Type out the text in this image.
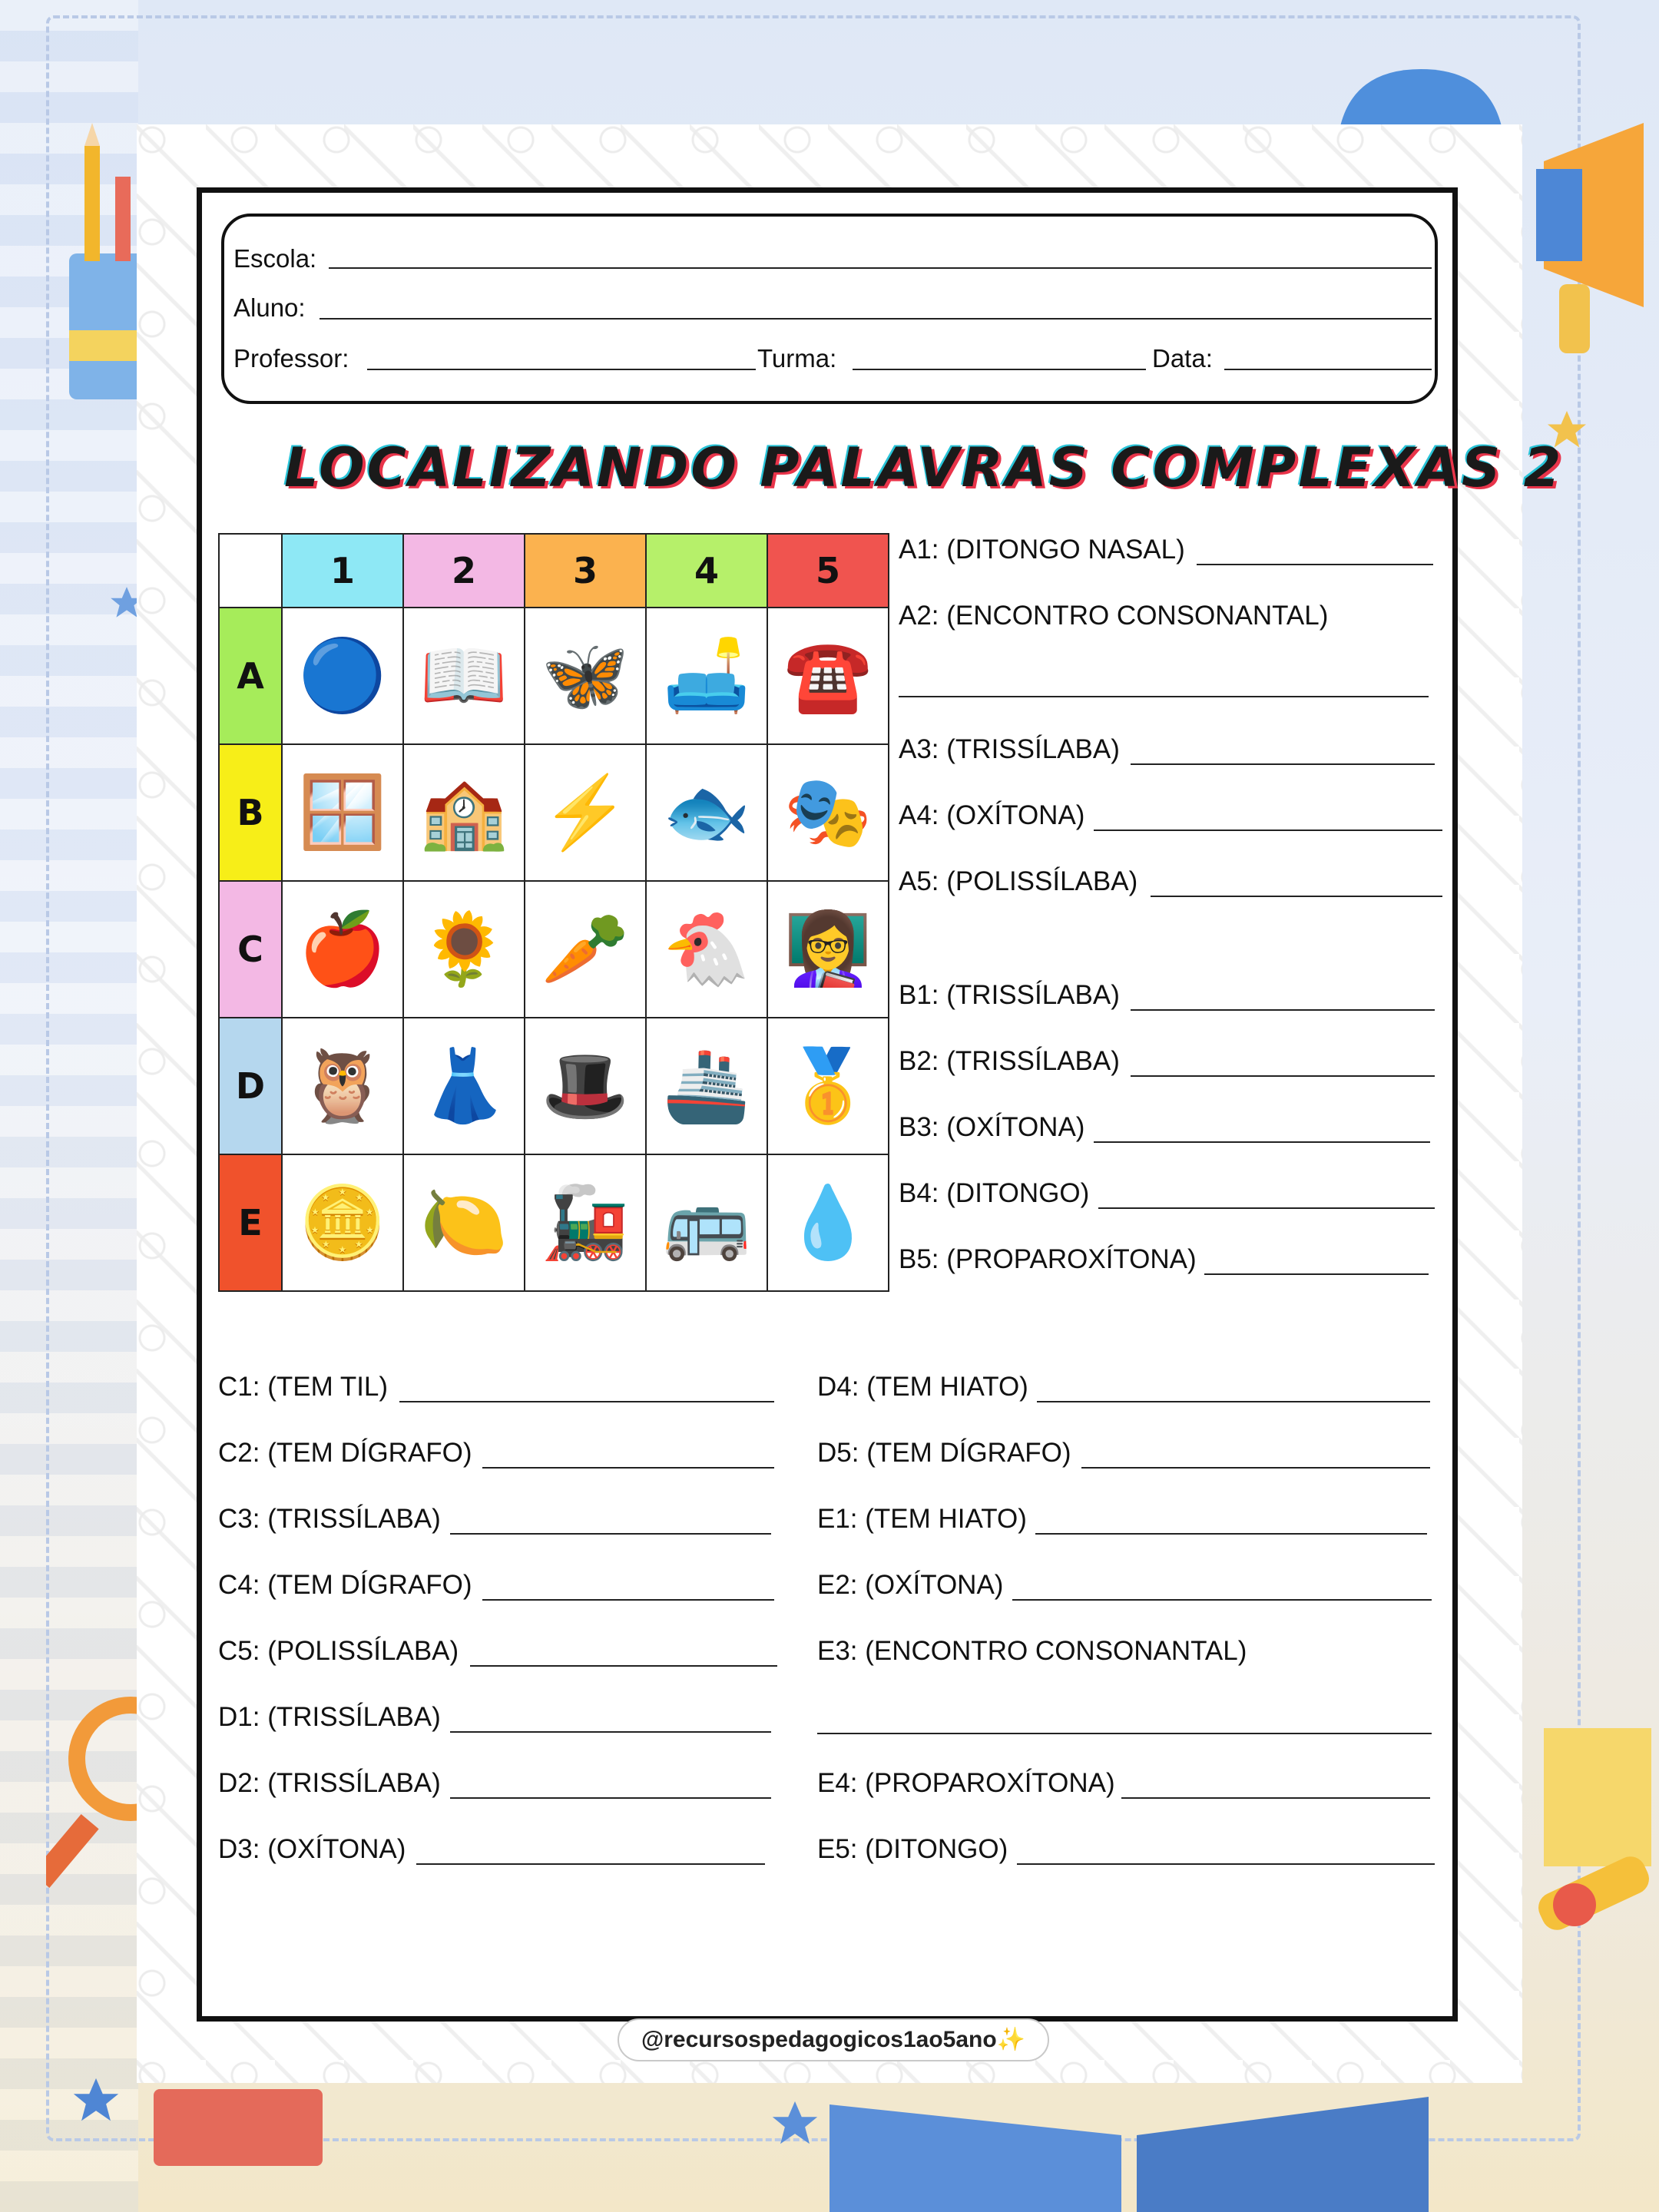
Escola:
Aluno:
Professor:	Turma:	Data:
LOCALIZANDO PALAVRAS COMPLEXAS 2
	1	2	3	4	5
A	🔵	📖	🦋	🛋️	☎️
B	🪟	🏫	⚡	🐟	🎭
C	🍎	🌻	🥕	🐔	👩‍🏫
D	🦉	👗	🎩	🚢	🥇
E	🪙	🍋	🚂	🚌	💧
A1: (DITONGO NASAL)
A2: (ENCONTRO CONSONANTAL)
A3: (TRISSÍLABA)
A4: (OXÍTONA)
A5: (POLISSÍLABA)
B1: (TRISSÍLABA)
B2: (TRISSÍLABA)
B3: (OXÍTONA)
B4: (DITONGO)
B5: (PROPAROXÍTONA)
C1: (TEM TIL)
C2: (TEM DÍGRAFO)
C3: (TRISSÍLABA)
C4: (TEM DÍGRAFO)
C5: (POLISSÍLABA)
D1: (TRISSÍLABA)
D2: (TRISSÍLABA)
D3: (OXÍTONA)
D4: (TEM HIATO)
D5: (TEM DÍGRAFO)
E1: (TEM HIATO)
E2: (OXÍTONA)
E3: (ENCONTRO CONSONANTAL)
E4: (PROPAROXÍTONA)
E5: (DITONGO)
@recursospedagogicos1ao5ano✨
